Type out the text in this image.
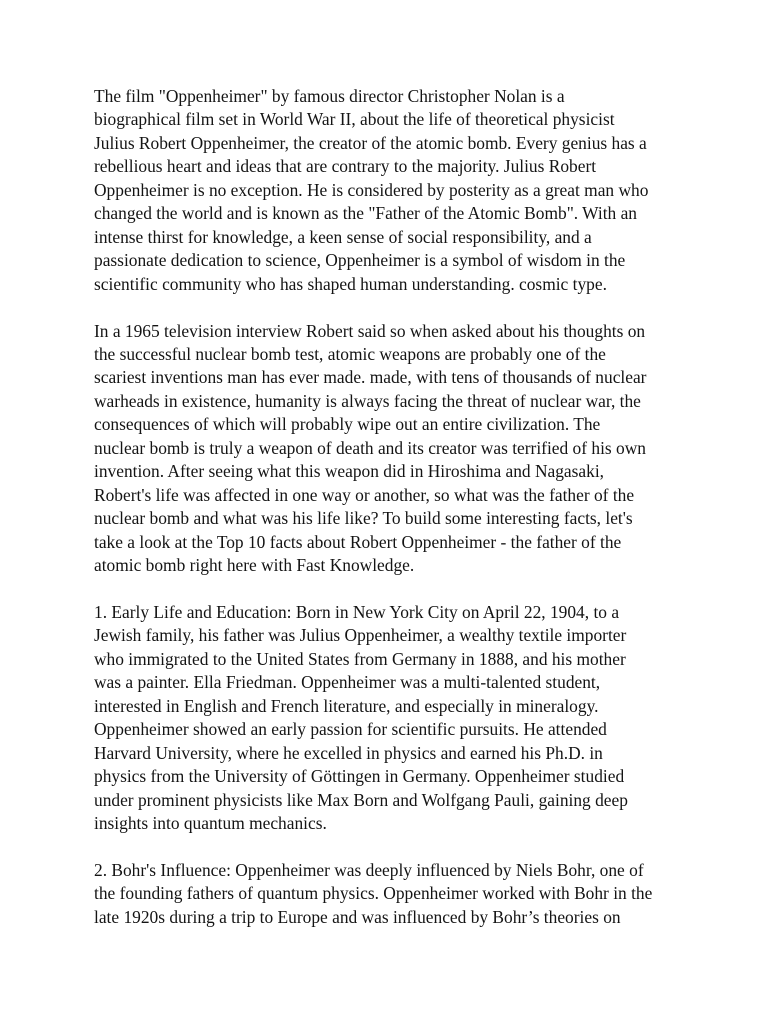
The film "Oppenheimer" by famous director Christopher Nolan is a
biographical film set in World War II, about the life of theoretical physicist
Julius Robert Oppenheimer, the creator of the atomic bomb. Every genius has a
rebellious heart and ideas that are contrary to the majority. Julius Robert
Oppenheimer is no exception. He is considered by posterity as a great man who
changed the world and is known as the "Father of the Atomic Bomb". With an
intense thirst for knowledge, a keen sense of social responsibility, and a
passionate dedication to science, Oppenheimer is a symbol of wisdom in the
scientific community who has shaped human understanding. cosmic type.

In a 1965 television interview Robert said so when asked about his thoughts on
the successful nuclear bomb test, atomic weapons are probably one of the
scariest inventions man has ever made. made, with tens of thousands of nuclear
warheads in existence, humanity is always facing the threat of nuclear war, the
consequences of which will probably wipe out an entire civilization. The
nuclear bomb is truly a weapon of death and its creator was terrified of his own
invention. After seeing what this weapon did in Hiroshima and Nagasaki,
Robert's life was affected in one way or another, so what was the father of the
nuclear bomb and what was his life like? To build some interesting facts, let's
take a look at the Top 10 facts about Robert Oppenheimer - the father of the
atomic bomb right here with Fast Knowledge.

1. Early Life and Education: Born in New York City on April 22, 1904, to a
Jewish family, his father was Julius Oppenheimer, a wealthy textile importer
who immigrated to the United States from Germany in 1888, and his mother
was a painter. Ella Friedman. Oppenheimer was a multi-talented student,
interested in English and French literature, and especially in mineralogy.
Oppenheimer showed an early passion for scientific pursuits. He attended
Harvard University, where he excelled in physics and earned his Ph.D. in
physics from the University of Göttingen in Germany. Oppenheimer studied
under prominent physicists like Max Born and Wolfgang Pauli, gaining deep
insights into quantum mechanics.

2. Bohr's Influence: Oppenheimer was deeply influenced by Niels Bohr, one of
the founding fathers of quantum physics. Oppenheimer worked with Bohr in the
late 1920s during a trip to Europe and was influenced by Bohr’s theories on
